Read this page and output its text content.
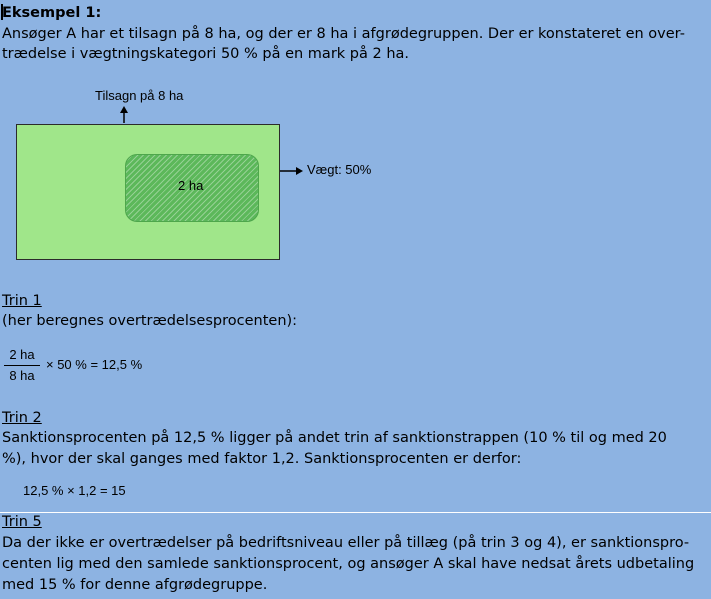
Eksempel 1:
Ansøger A har et tilsagn på 8 ha, og der er 8 ha i afgrødegruppen. Der er konstateret en over-
trædelse i vægtningskategori 50 % på en mark på 2 ha.
Tilsagn på 8 ha
2 ha
Vægt: 50%
Trin 1
(her beregnes overtrædelsesprocenten):
2 ha
8 ha
× 50 % = 12,5 %
Trin 2
Sanktionsprocenten på 12,5 % ligger på andet trin af sanktionstrappen (10 % til og med 20
%), hvor der skal ganges med faktor 1,2. Sanktionsprocenten er derfor:
12,5 % × 1,2 = 15
Trin 5
Da der ikke er overtrædelser på bedriftsniveau eller på tillæg (på trin 3 og 4), er sanktionspro-
centen lig med den samlede sanktionsprocent, og ansøger A skal have nedsat årets udbetaling
med 15 % for denne afgrødegruppe.
